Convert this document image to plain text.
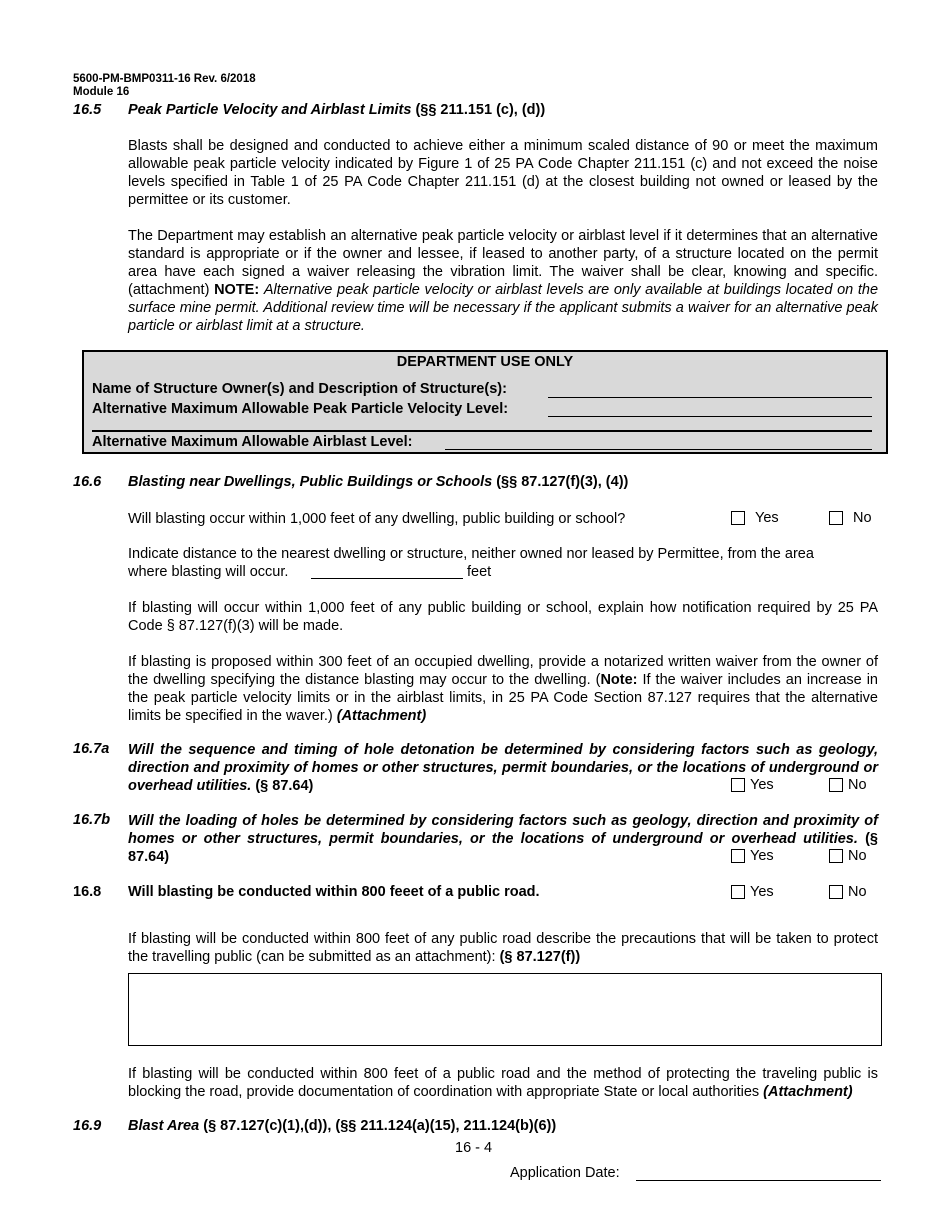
5600-PM-BMP0311-16 Rev. 6/2018
Module 16
16.5 Peak Particle Velocity and Airblast Limits (§§ 211.151 (c), (d))
Blasts shall be designed and conducted to achieve either a minimum scaled distance of 90 or meet the maximum allowable peak particle velocity indicated by Figure 1 of 25 PA Code Chapter 211.151 (c) and not exceed the noise levels specified in Table 1 of 25 PA Code Chapter 211.151 (d) at the closest building not owned or leased by the permittee or its customer.
The Department may establish an alternative peak particle velocity or airblast level if it determines that an alternative standard is appropriate or if the owner and lessee, if leased to another party, of a structure located on the permit area have each signed a waiver releasing the vibration limit. The waiver shall be clear, knowing and specific. (attachment) NOTE: Alternative peak particle velocity or airblast levels are only available at buildings located on the surface mine permit. Additional review time will be necessary if the applicant submits a waiver for an alternative peak particle or airblast limit at a structure.
DEPARTMENT USE ONLY
Name of Structure Owner(s) and Description of Structure(s):
Alternative Maximum Allowable Peak Particle Velocity Level:
Alternative Maximum Allowable Airblast Level:
16.6 Blasting near Dwellings, Public Buildings or Schools (§§ 87.127(f)(3), (4))
Will blasting occur within 1,000 feet of any dwelling, public building or school?	Yes	No
Indicate distance to the nearest dwelling or structure, neither owned nor leased by Permittee, from the area
where blasting will occur.	feet
If blasting will occur within 1,000 feet of any public building or school, explain how notification required by 25 PA Code § 87.127(f)(3) will be made.
If blasting is proposed within 300 feet of an occupied dwelling, provide a notarized written waiver from the owner of the dwelling specifying the distance blasting may occur to the dwelling. (Note: If the waiver includes an increase in the peak particle velocity limits or in the airblast limits, in 25 PA Code Section 87.127 requires that the alternative limits be specified in the waver.) (Attachment)
16.7a Will the sequence and timing of hole detonation be determined by considering factors such as geology, direction and proximity of homes or other structures, permit boundaries, or the locations of underground or overhead utilities. (§ 87.64)	Yes	No
16.7b Will the loading of holes be determined by considering factors such as geology, direction and proximity of homes or other structures, permit boundaries, or the locations of underground or overhead utilities. (§ 87.64)	Yes	No
16.8 Will blasting be conducted within 800 feeet of a public road.	Yes	No
If blasting will be conducted within 800 feet of any public road describe the precautions that will be taken to protect the travelling public (can be submitted as an attachment): (§ 87.127(f))
If blasting will be conducted within 800 feet of a public road and the method of protecting the traveling public is blocking the road, provide documentation of coordination with appropriate State or local authorities (Attachment)
16.9 Blast Area (§ 87.127(c)(1),(d)), (§§ 211.124(a)(15), 211.124(b)(6))
16 - 4
Application Date:
